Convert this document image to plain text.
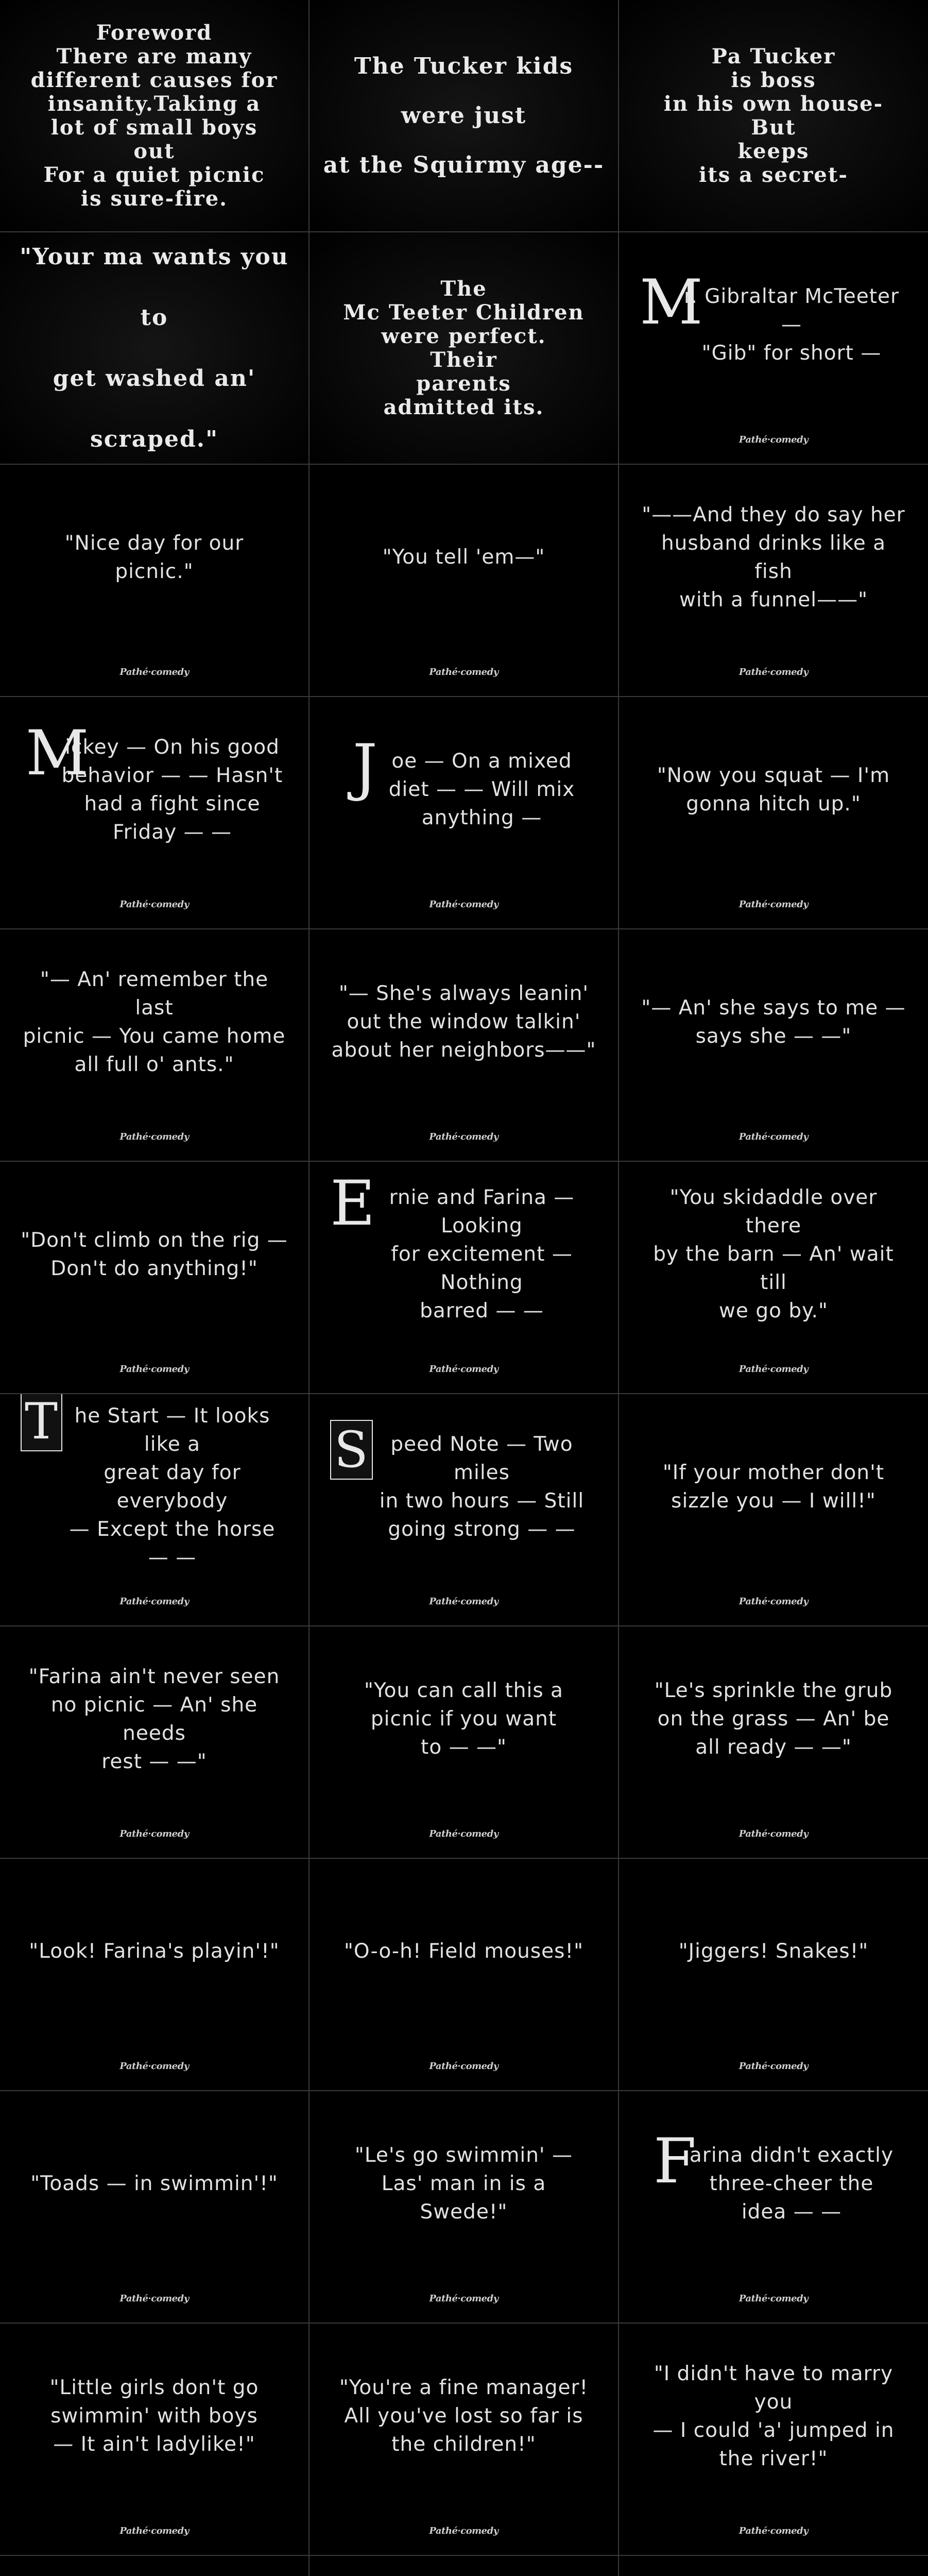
Foreword
There are many
different causes for
insanity.Taking a
lot of small boys
out
For a quiet picnic
is sure-fire.
The Tucker kids
were just
at the Squirmy age--
Pa Tucker
is boss
in his own house-
But
keeps
its a secret-
"Your ma wants you
to
get washed an' scraped."
The
Mc Teeter Children
were perfect.
Their
parents
admitted its.
M
r. Gibraltar McTeeter —
"Gib" for short —
Pathé·comedy
"Nice day for our
picnic."
Pathé·comedy
"You tell 'em—"
Pathé·comedy
"——And they do say her
husband drinks like a fish
with a funnel——"
Pathé·comedy
M
ickey — On his good
behavior — — Hasn't
had a fight since
Friday — —
Pathé·comedy
J oe — On a mixed
diet — — Will mix
anything —
Pathé·comedy
"Now you squat — I'm
gonna hitch up."
Pathé·comedy
"— An' remember the last
picnic — You came home
all full o' ants."
Pathé·comedy
"— She's always leanin'
out the window talkin'
about her neighbors——"
Pathé·comedy
"— An' she says to me —
says she — —"
Pathé·comedy
"Don't climb on the rig —
Don't do anything!"
Pathé·comedy
E rnie and Farina — Looking
for excitement — Nothing
barred — —
Pathé·comedy
"You skidaddle over there
by the barn — An' wait till
we go by."
Pathé·comedy
T he Start — It looks like a
great day for everybody
— Except the horse — —
Pathé·comedy
S peed Note — Two miles
in two hours — Still
going strong — —
Pathé·comedy
"If your mother don't
sizzle you — I will!"
Pathé·comedy
"Farina ain't never seen
no picnic — An' she needs
rest — —"
Pathé·comedy
"You can call this a
picnic if you want
to — —"
Pathé·comedy
"Le's sprinkle the grub
on the grass — An' be
all ready — —"
Pathé·comedy
"Look! Farina's playin'!"
Pathé·comedy
"O-o-h! Field mouses!"
Pathé·comedy
"Jiggers! Snakes!"
Pathé·comedy
"Toads — in swimmin'!"
Pathé·comedy
"Le's go swimmin' —
Las' man in is a
Swede!"
Pathé·comedy
F
arina didn't exactly
three-cheer the
idea — —
Pathé·comedy
"Little girls don't go
swimmin' with boys
— It ain't ladylike!"
Pathé·comedy
"You're a fine manager!
All you've lost so far is
the children!"
Pathé·comedy
"I didn't have to marry you
— I could 'a' jumped in
the river!"
Pathé·comedy
